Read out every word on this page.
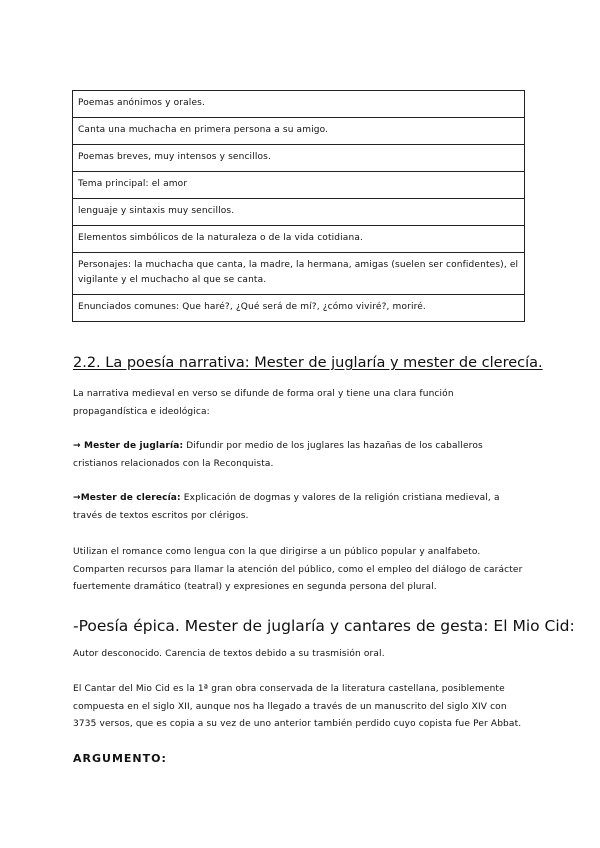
Poemas anónimos y orales.
Canta una muchacha en primera persona a su amigo.
Poemas breves, muy intensos y sencillos.
Tema principal: el amor
lenguaje y sintaxis muy sencillos.
Elementos simbólicos de la naturaleza o de la vida cotidiana.
Personajes: la muchacha que canta, la madre, la hermana, amigas (suelen ser confidentes), el vigilante y el muchacho al que se canta.
Enunciados comunes: Que haré?, ¿Qué será de mí?, ¿cómo viviré?, moriré.
2.2. La poesía narrativa: Mester de juglaría y mester de clerecía.
La narrativa medieval en verso se difunde de forma oral y tiene una clara función propagandística e ideológica:
→ Mester de juglaría: Difundir por medio de los juglares las hazañas de los caballeros cristianos relacionados con la Reconquista.
→Mester de clerecía: Explicación de dogmas y valores de la religión cristiana medieval, a través de textos escritos por clérigos.
Utilizan el romance como lengua con la que dirigirse a un público popular y analfabeto. Comparten recursos para llamar la atención del público, como el empleo del diálogo de carácter fuertemente dramático (teatral) y expresiones en segunda persona del plural.
-Poesía épica. Mester de juglaría y cantares de gesta: El Mio Cid:
Autor desconocido. Carencia de textos debido a su trasmisión oral.
El Cantar del Mio Cid es la 1ª gran obra conservada de la literatura castellana, posiblemente compuesta en el siglo XII, aunque nos ha llegado a través de un manuscrito del siglo XIV con 3735 versos, que es copia a su vez de uno anterior también perdido cuyo copista fue Per Abbat.
ARGUMENTO:
